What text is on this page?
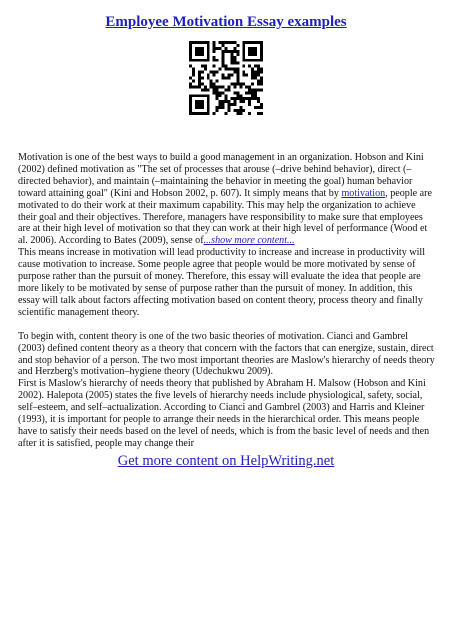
Employee Motivation Essay examples

Motivation is one of the best ways to build a good management in an organization. Hobson and Kini (2002) defined motivation as "The set of processes that arouse (–drive behind behavior), direct (–directed behavior), and maintain (–maintaining the behavior in meeting the goal) human behavior toward attaining goal" (Kini and Hobson 2002, p. 607). It simply means that by motivation, people are motivated to do their work at their maximum capability. This may help the organization to achieve their goal and their objectives. Therefore, managers have responsibility to make sure that employees are at their high level of motivation so that they can work at their high level of performance (Wood et al. 2006). According to Bates (2009), sense of...show more content...

This means increase in motivation will lead productivity to increase and increase in productivity will cause motivation to increase. Some people agree that people would be more motivated by sense of purpose rather than the pursuit of money. Therefore, this essay will evaluate the idea that people are more likely to be motivated by sense of purpose rather than the pursuit of money. In addition, this essay will talk about factors affecting motivation based on content theory, process theory and finally scientific management theory.

To begin with, content theory is one of the two basic theories of motivation. Cianci and Gambrel (2003) defined content theory as a theory that concern with the factors that can energize, sustain, direct and stop behavior of a person. The two most important theories are Maslow's hierarchy of needs theory and Herzberg's motivation–hygiene theory (Udechukwu 2009).

First is Maslow's hierarchy of needs theory that published by Abraham H. Malsow (Hobson and Kini 2002). Halepota (2005) states the five levels of hierarchy needs include physiological, safety, social, self–esteem, and self–actualization. According to Cianci and Gambrel (2003) and Harris and Kleiner (1993), it is important for people to arrange their needs in the hierarchical order. This means people have to satisfy their needs based on the level of needs, which is from the basic level of needs and then after it is satisfied, people may change their

Get more content on HelpWriting.net
